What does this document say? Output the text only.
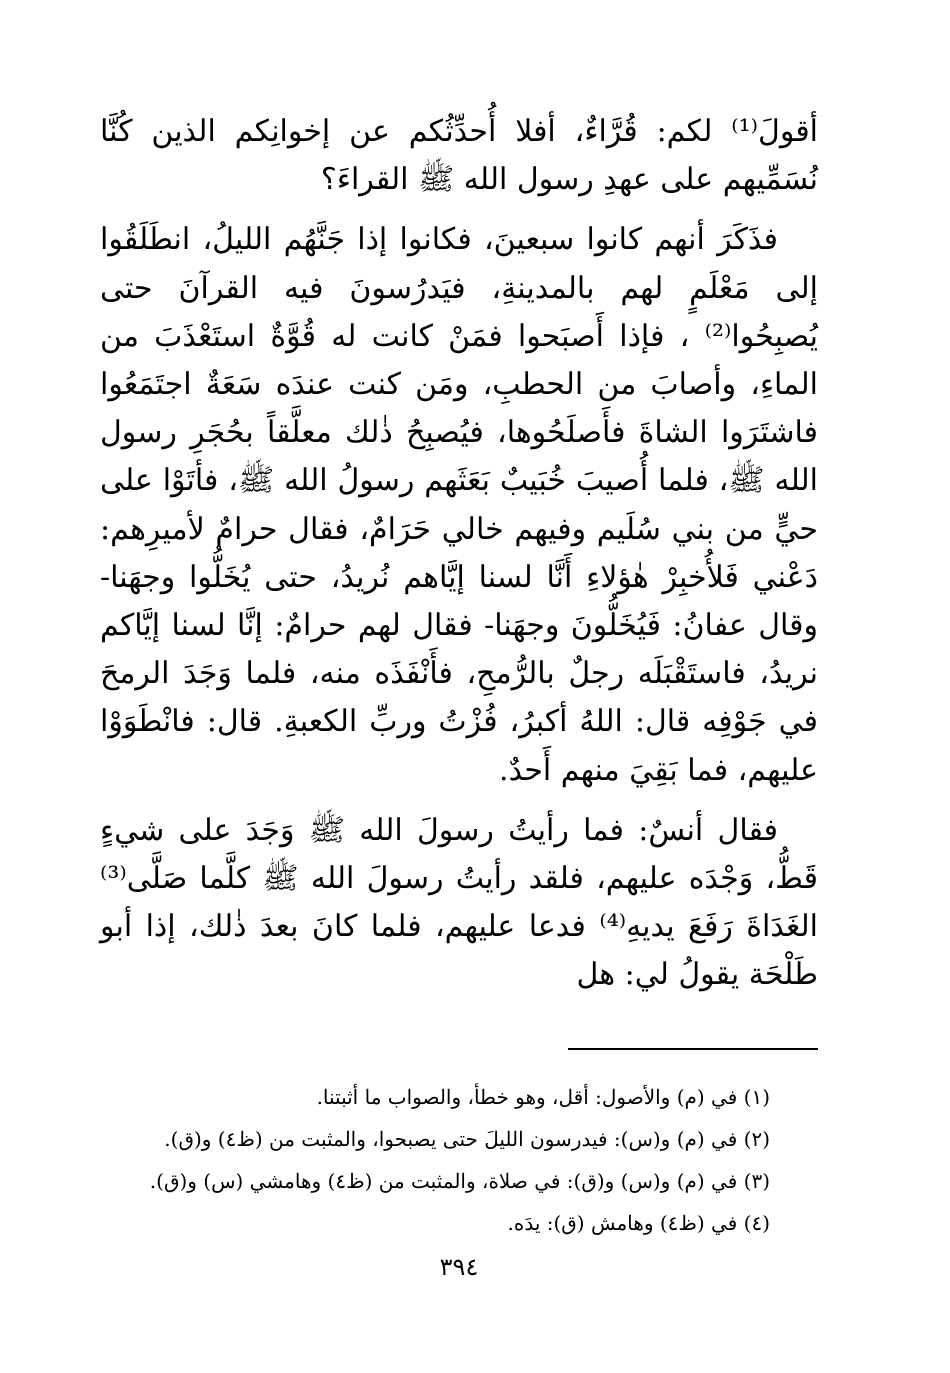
أقولَ⁽¹⁾ لكم: قُرَّاءٌ، أفلا أُحدِّثُكم عن إخوانِكم الذين كُنَّا نُسَمِّيهم على عهدِ رسول الله ﷺ القراءَ؟

فذَكَرَ أنهم كانوا سبعينَ، فكانوا إذا جَنَّهُم الليلُ، انطَلَقُوا إلى مَعْلَمٍ لهم بالمدينةِ، فيَدرُسونَ فيه القرآنَ حتى يُصبِحُوا⁽²⁾ ، فإذا أَصبَحوا فمَنْ كانت له قُوَّةٌ استَعْذَبَ من الماءِ، وأصابَ من الحطبِ، ومَن كنت عندَه سَعَةٌ اجتَمَعُوا فاشتَرَوا الشاةَ فأَصلَحُوها، فيُصبِحُ ذٰلك معلَّقاً بحُجَرِ رسول الله ﷺ، فلما أُصيبَ خُبَيبٌ بَعَثَهم رسولُ الله ﷺ، فأتَوْا على حيٍّ من بني سُلَيم وفيهم خالي حَرَامٌ، فقال حرامٌ لأميرِهم: دَعْني فَلأُخبِرْ هٰؤلاءِ أَنَّا لسنا إيَّاهم نُريدُ، حتى يُخَلُّوا وجهَنا- وقال عفانُ: فَيُخَلُّونَ وجهَنا- فقال لهم حرامٌ: إنَّا لسنا إيَّاكم نريدُ، فاستَقْبَلَه رجلٌ بالرُّمحِ، فأَنْفَذَه منه، فلما وَجَدَ الرمحَ في جَوْفِه قال: اللهُ أكبرُ، فُزْتُ وربِّ الكعبةِ. قال: فانْطَوَوْا عليهم، فما بَقِيَ منهم أَحدٌ.

فقال أنسٌ: فما رأيتُ رسولَ الله ﷺ وَجَدَ على شيءٍ قَطُّ، وَجْدَه عليهم، فلقد رأيتُ رسولَ الله ﷺ كلَّما صَلَّى⁽³⁾ الغَدَاةَ رَفَعَ يديهِ⁽⁴⁾ فدعا عليهم، فلما كانَ بعدَ ذٰلك، إذا أبو طَلْحَة يقولُ لي: هل

(١) في (م) والأصول: أقل، وهو خطأ، والصواب ما أثبتنا.

(٢) في (م) و(س): فيدرسون الليلَ حتى يصبحوا، والمثبت من (ظ٤) و(ق).

(٣) في (م) و(س) و(ق): في صلاة، والمثبت من (ظ٤) وهامشي (س) و(ق).

(٤) في (ظ٤) وهامش (ق): يدَه.

٣٩٤
